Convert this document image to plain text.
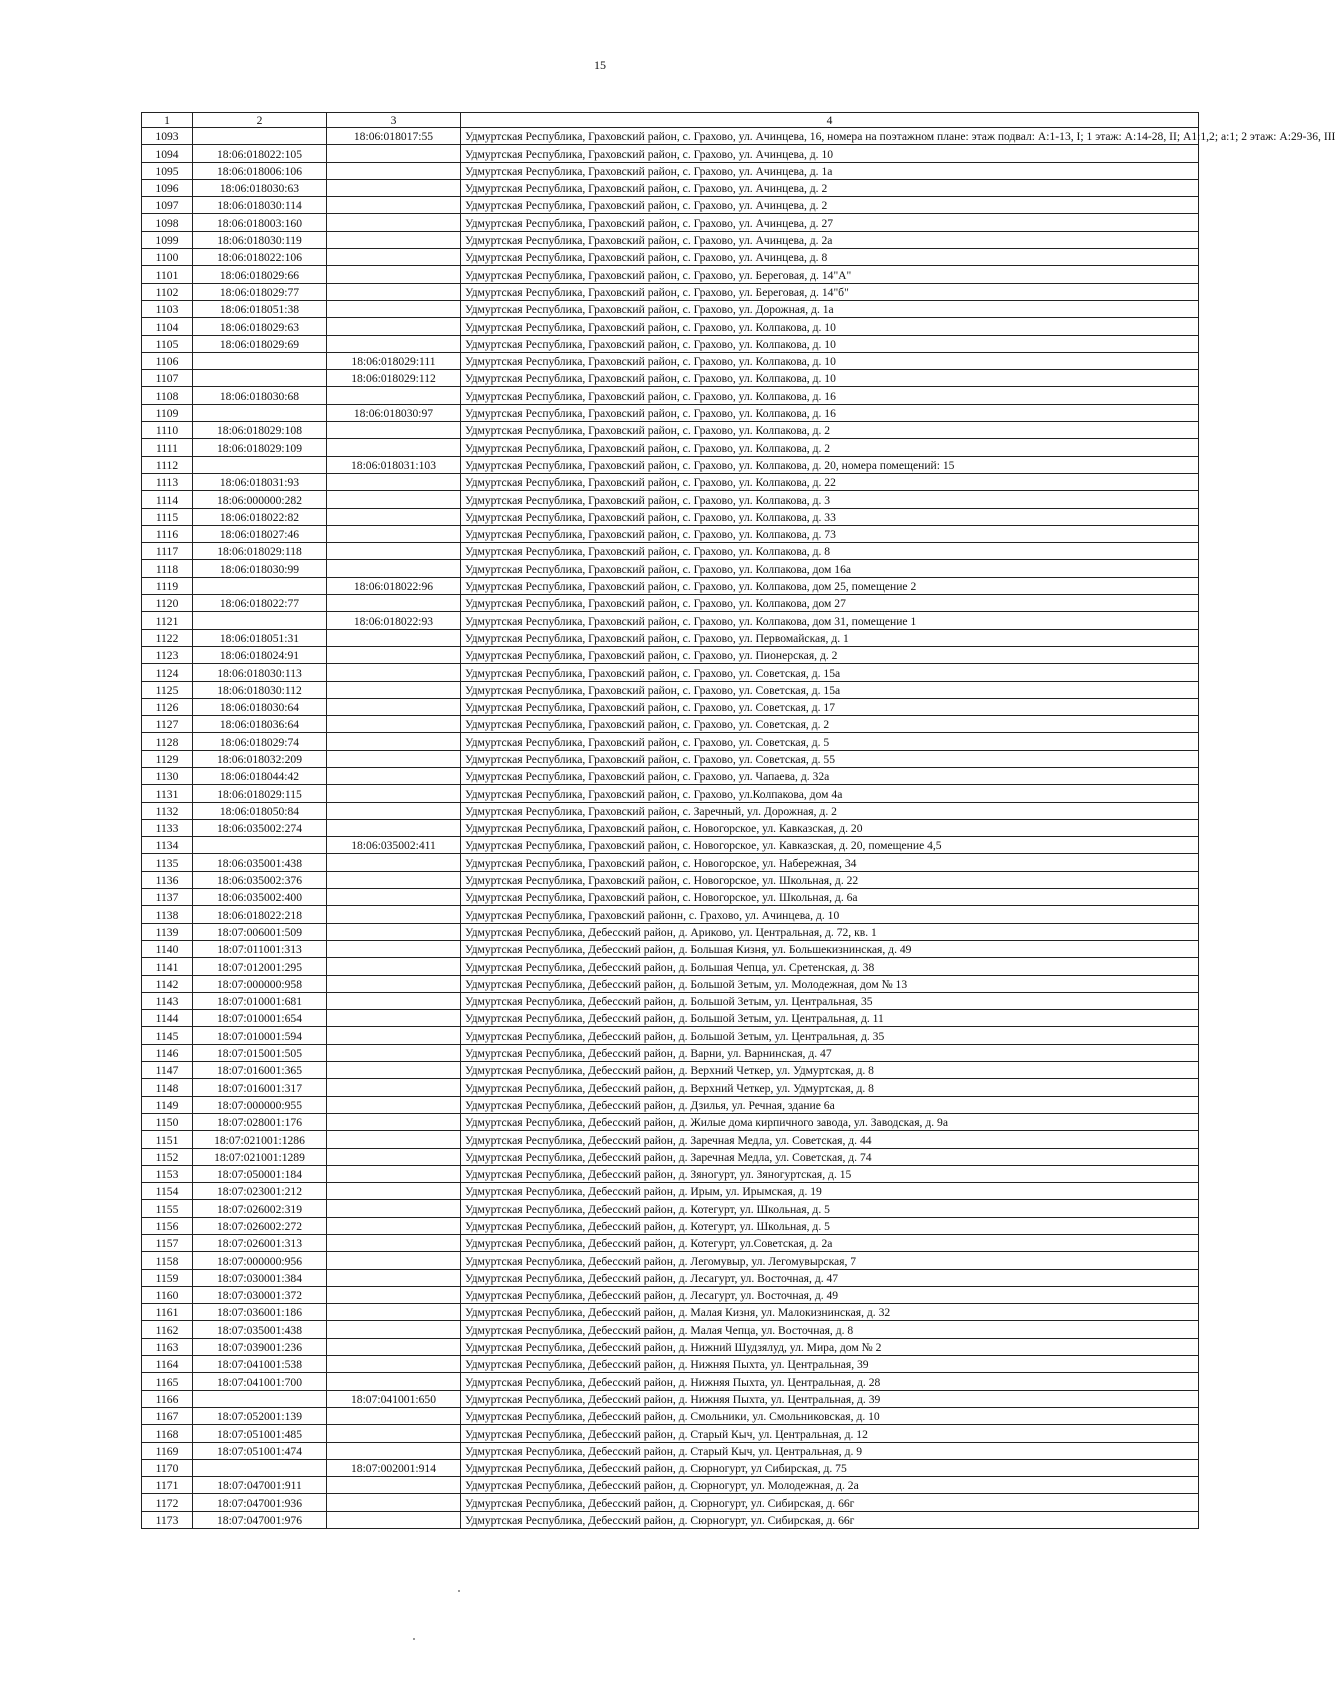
15
1	2	3	4
1093		18:06:018017:55	Удмуртская Республика, Граховский район, с. Грахово, ул. Ачинцева, 16, номера на поэтажном плане: этаж подвал: А:1-13, I; 1 этаж: А:14-28, II; А1:1,2; а:1; 2 этаж: А:29-36, III
1094	18:06:018022:105		Удмуртская Республика, Граховский район, с. Грахово, ул. Ачинцева, д. 10
1095	18:06:018006:106		Удмуртская Республика, Граховский район, с. Грахово, ул. Ачинцева, д. 1а
1096	18:06:018030:63		Удмуртская Республика, Граховский район, с. Грахово, ул. Ачинцева, д. 2
1097	18:06:018030:114		Удмуртская Республика, Граховский район, с. Грахово, ул. Ачинцева, д. 2
1098	18:06:018003:160		Удмуртская Республика, Граховский район, с. Грахово, ул. Ачинцева, д. 27
1099	18:06:018030:119		Удмуртская Республика, Граховский район, с. Грахово, ул. Ачинцева, д. 2а
1100	18:06:018022:106		Удмуртская Республика, Граховский район, с. Грахово, ул. Ачинцева, д. 8
1101	18:06:018029:66		Удмуртская Республика, Граховский район, с. Грахово, ул. Береговая, д. 14"А"
1102	18:06:018029:77		Удмуртская Республика, Граховский район, с. Грахово, ул. Береговая, д. 14"б"
1103	18:06:018051:38		Удмуртская Республика, Граховский район, с. Грахово, ул. Дорожная, д. 1а
1104	18:06:018029:63		Удмуртская Республика, Граховский район, с. Грахово, ул. Колпакова, д. 10
1105	18:06:018029:69		Удмуртская Республика, Граховский район, с. Грахово, ул. Колпакова, д. 10
1106		18:06:018029:111	Удмуртская Республика, Граховский район, с. Грахово, ул. Колпакова, д. 10
1107		18:06:018029:112	Удмуртская Республика, Граховский район, с. Грахово, ул. Колпакова, д. 10
1108	18:06:018030:68		Удмуртская Республика, Граховский район, с. Грахово, ул. Колпакова, д. 16
1109		18:06:018030:97	Удмуртская Республика, Граховский район, с. Грахово, ул. Колпакова, д. 16
1110	18:06:018029:108		Удмуртская Республика, Граховский район, с. Грахово, ул. Колпакова, д. 2
1111	18:06:018029:109		Удмуртская Республика, Граховский район, с. Грахово, ул. Колпакова, д. 2
1112		18:06:018031:103	Удмуртская Республика, Граховский район, с. Грахово, ул. Колпакова, д. 20, номера помещений: 15
1113	18:06:018031:93		Удмуртская Республика, Граховский район, с. Грахово, ул. Колпакова, д. 22
1114	18:06:000000:282		Удмуртская Республика, Граховский район, с. Грахово, ул. Колпакова, д. 3
1115	18:06:018022:82		Удмуртская Республика, Граховский район, с. Грахово, ул. Колпакова, д. 33
1116	18:06:018027:46		Удмуртская Республика, Граховский район, с. Грахово, ул. Колпакова, д. 73
1117	18:06:018029:118		Удмуртская Республика, Граховский район, с. Грахово, ул. Колпакова, д. 8
1118	18:06:018030:99		Удмуртская Республика, Граховский район, с. Грахово, ул. Колпакова, дом 16а
1119		18:06:018022:96	Удмуртская Республика, Граховский район, с. Грахово, ул. Колпакова, дом 25, помещение 2
1120	18:06:018022:77		Удмуртская Республика, Граховский район, с. Грахово, ул. Колпакова, дом 27
1121		18:06:018022:93	Удмуртская Республика, Граховский район, с. Грахово, ул. Колпакова, дом 31, помещение 1
1122	18:06:018051:31		Удмуртская Республика, Граховский район, с. Грахово, ул. Первомайская, д. 1
1123	18:06:018024:91		Удмуртская Республика, Граховский район, с. Грахово, ул. Пионерская, д. 2
1124	18:06:018030:113		Удмуртская Республика, Граховский район, с. Грахово, ул. Советская, д. 15а
1125	18:06:018030:112		Удмуртская Республика, Граховский район, с. Грахово, ул. Советская, д. 15а
1126	18:06:018030:64		Удмуртская Республика, Граховский район, с. Грахово, ул. Советская, д. 17
1127	18:06:018036:64		Удмуртская Республика, Граховский район, с. Грахово, ул. Советская, д. 2
1128	18:06:018029:74		Удмуртская Республика, Граховский район, с. Грахово, ул. Советская, д. 5
1129	18:06:018032:209		Удмуртская Республика, Граховский район, с. Грахово, ул. Советская, д. 55
1130	18:06:018044:42		Удмуртская Республика, Граховский район, с. Грахово, ул. Чапаева, д. 32а
1131	18:06:018029:115		Удмуртская Республика, Граховский район, с. Грахово, ул.Колпакова, дом 4а
1132	18:06:018050:84		Удмуртская Республика, Граховский район, с. Заречный, ул. Дорожная, д. 2
1133	18:06:035002:274		Удмуртская Республика, Граховский район, с. Новогорское, ул. Кавказская, д. 20
1134		18:06:035002:411	Удмуртская Республика, Граховский район, с. Новогорское, ул. Кавказская, д. 20, помещение 4,5
1135	18:06:035001:438		Удмуртская Республика, Граховский район, с. Новогорское, ул. Набережная, 34
1136	18:06:035002:376		Удмуртская Республика, Граховский район, с. Новогорское, ул. Школьная, д. 22
1137	18:06:035002:400		Удмуртская Республика, Граховский район, с. Новогорское, ул. Школьная, д. 6а
1138	18:06:018022:218		Удмуртская Республика, Граховский районн, с. Грахово, ул. Ачинцева, д. 10
1139	18:07:006001:509		Удмуртская Республика, Дебесский район, д. Ариково, ул. Центральная, д. 72, кв. 1
1140	18:07:011001:313		Удмуртская Республика, Дебесский район, д. Большая Кизня, ул. Большекизнинская, д. 49
1141	18:07:012001:295		Удмуртская Республика, Дебесский район, д. Большая Чепца, ул. Сретенская, д. 38
1142	18:07:000000:958		Удмуртская Республика, Дебесский район, д. Большой Зетым, ул. Молодежная, дом № 13
1143	18:07:010001:681		Удмуртская Республика, Дебесский район, д. Большой Зетым, ул. Центральная, 35
1144	18:07:010001:654		Удмуртская Республика, Дебесский район, д. Большой Зетым, ул. Центральная, д. 11
1145	18:07:010001:594		Удмуртская Республика, Дебесский район, д. Большой Зетым, ул. Центральная, д. 35
1146	18:07:015001:505		Удмуртская Республика, Дебесский район, д. Варни, ул. Варнинская, д. 47
1147	18:07:016001:365		Удмуртская Республика, Дебесский район, д. Верхний Четкер, ул. Удмуртская, д. 8
1148	18:07:016001:317		Удмуртская Республика, Дебесский район, д. Верхний Четкер, ул. Удмуртская, д. 8
1149	18:07:000000:955		Удмуртская Республика, Дебесский район, д. Дзилья, ул. Речная, здание 6а
1150	18:07:028001:176		Удмуртская Республика, Дебесский район, д. Жилые дома кирпичного завода, ул. Заводская, д. 9а
1151	18:07:021001:1286		Удмуртская Республика, Дебесский район, д. Заречная Медла, ул. Советская, д. 44
1152	18:07:021001:1289		Удмуртская Республика, Дебесский район, д. Заречная Медла, ул. Советская, д. 74
1153	18:07:050001:184		Удмуртская Республика, Дебесский район, д. Зяногурт, ул. Зяногуртская, д. 15
1154	18:07:023001:212		Удмуртская Республика, Дебесский район, д. Ирым, ул. Ирымская, д. 19
1155	18:07:026002:319		Удмуртская Республика, Дебесский район, д. Котегурт, ул. Школьная, д. 5
1156	18:07:026002:272		Удмуртская Республика, Дебесский район, д. Котегурт, ул. Школьная, д. 5
1157	18:07:026001:313		Удмуртская Республика, Дебесский район, д. Котегурт, ул.Советская, д. 2а
1158	18:07:000000:956		Удмуртская Республика, Дебесский район, д. Легомувыр, ул. Легомувырская, 7
1159	18:07:030001:384		Удмуртская Республика, Дебесский район, д. Лесагурт, ул. Восточная, д. 47
1160	18:07:030001:372		Удмуртская Республика, Дебесский район, д. Лесагурт, ул. Восточная, д. 49
1161	18:07:036001:186		Удмуртская Республика, Дебесский район, д. Малая Кизня, ул. Малокизнинская, д. 32
1162	18:07:035001:438		Удмуртская Республика, Дебесский район, д. Малая Чепца, ул. Восточная, д. 8
1163	18:07:039001:236		Удмуртская Республика, Дебесский район, д. Нижний Шудзялуд, ул. Мира, дом № 2
1164	18:07:041001:538		Удмуртская Республика, Дебесский район, д. Нижняя Пыхта, ул. Центральная, 39
1165	18:07:041001:700		Удмуртская Республика, Дебесский район, д. Нижняя Пыхта, ул. Центральная, д. 28
1166		18:07:041001:650	Удмуртская Республика, Дебесский район, д. Нижняя Пыхта, ул. Центральная, д. 39
1167	18:07:052001:139		Удмуртская Республика, Дебесский район, д. Смольники, ул. Смольниковская, д. 10
1168	18:07:051001:485		Удмуртская Республика, Дебесский район, д. Старый Кыч, ул. Центральная, д. 12
1169	18:07:051001:474		Удмуртская Республика, Дебесский район, д. Старый Кыч, ул. Центральная, д. 9
1170		18:07:002001:914	Удмуртская Республика, Дебесский район, д. Сюрногурт, ул Сибирская, д. 75
1171	18:07:047001:911		Удмуртская Республика, Дебесский район, д. Сюрногурт, ул. Молодежная, д. 2а
1172	18:07:047001:936		Удмуртская Республика, Дебесский район, д. Сюрногурт, ул. Сибирская, д. 66г
1173	18:07:047001:976		Удмуртская Республика, Дебесский район, д. Сюрногурт, ул. Сибирская, д. 66г
